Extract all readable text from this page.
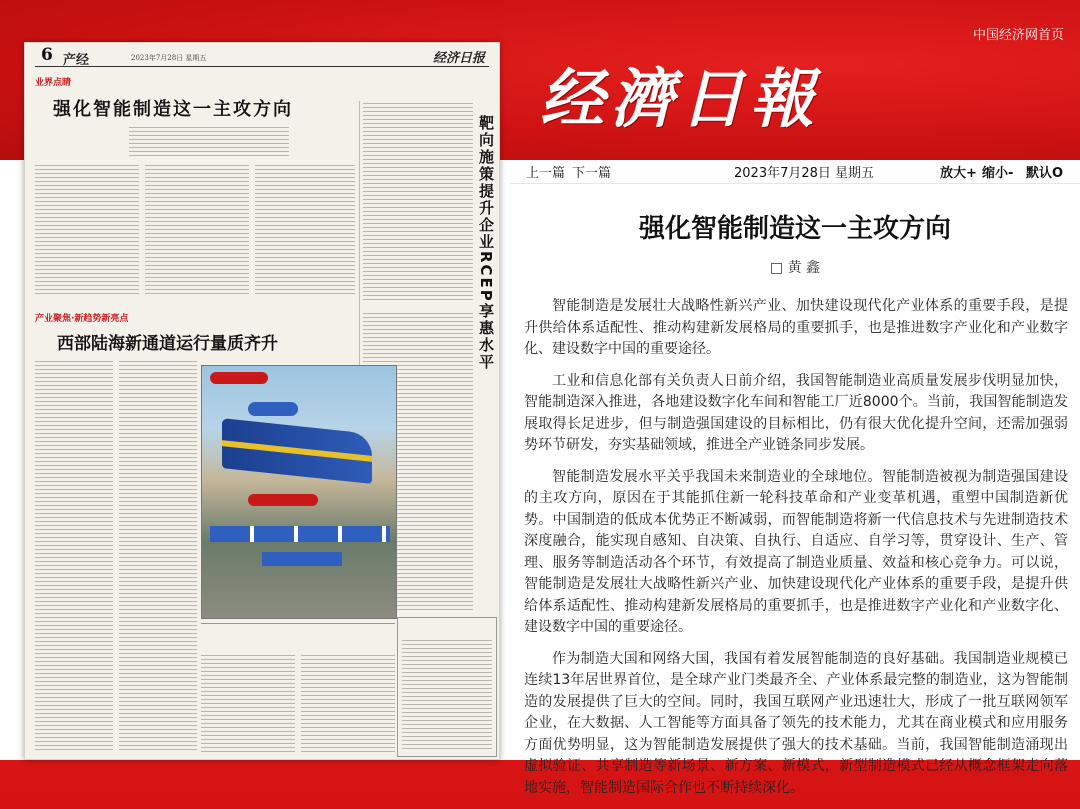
中国经济网首页
经濟日報
6 产经	2023年7月28日 星期五	经济日报
业界点睛
强化智能制造这一主攻方向
靶向施策提升企业RCEP享惠水平
产业聚焦·新趋势新亮点
西部陆海新通道运行量质齐升
上一篇 下一篇	2023年7月28日 星期五	放大+ 缩小- 默认O
强化智能制造这一主攻方向
□ 黄 鑫

智能制造是发展壮大战略性新兴产业、加快建设现代化产业体系的重要手段，是提升供给体系适配性、推动构建新发展格局的重要抓手，也是推进数字产业化和产业数字化、建设数字中国的重要途径。

工业和信息化部有关负责人日前介绍，我国智能制造业高质量发展步伐明显加快，智能制造深入推进，各地建设数字化车间和智能工厂近8000个。当前，我国智能制造发展取得长足进步，但与制造强国建设的目标相比，仍有很大优化提升空间，还需加强弱势环节研发，夯实基础领域，推进全产业链条同步发展。

智能制造发展水平关乎我国未来制造业的全球地位。智能制造被视为制造强国建设的主攻方向，原因在于其能抓住新一轮科技革命和产业变革机遇，重塑中国制造新优势。中国制造的低成本优势正不断减弱，而智能制造将新一代信息技术与先进制造技术深度融合，能实现自感知、自决策、自执行、自适应、自学习等，贯穿设计、生产、管理、服务等制造活动各个环节，有效提高了制造业质量、效益和核心竞争力。可以说，智能制造是发展壮大战略性新兴产业、加快建设现代化产业体系的重要手段，是提升供给体系适配性、推动构建新发展格局的重要抓手，也是推进数字产业化和产业数字化、建设数字中国的重要途径。

作为制造大国和网络大国，我国有着发展智能制造的良好基础。我国制造业规模已连续13年居世界首位，是全球产业门类最齐全、产业体系最完整的制造业，这为智能制造的发展提供了巨大的空间。同时，我国互联网产业迅速壮大，形成了一批互联网领军企业，在大数据、人工智能等方面具备了领先的技术能力，尤其在商业模式和应用服务方面优势明显，这为智能制造发展提供了强大的技术基础。当前，我国智能制造涌现出虚拟验证、共享制造等新场景、新方案、新模式，新型制造模式已经从概念框架走向落地实施，智能制造国际合作也不断持续深化。
